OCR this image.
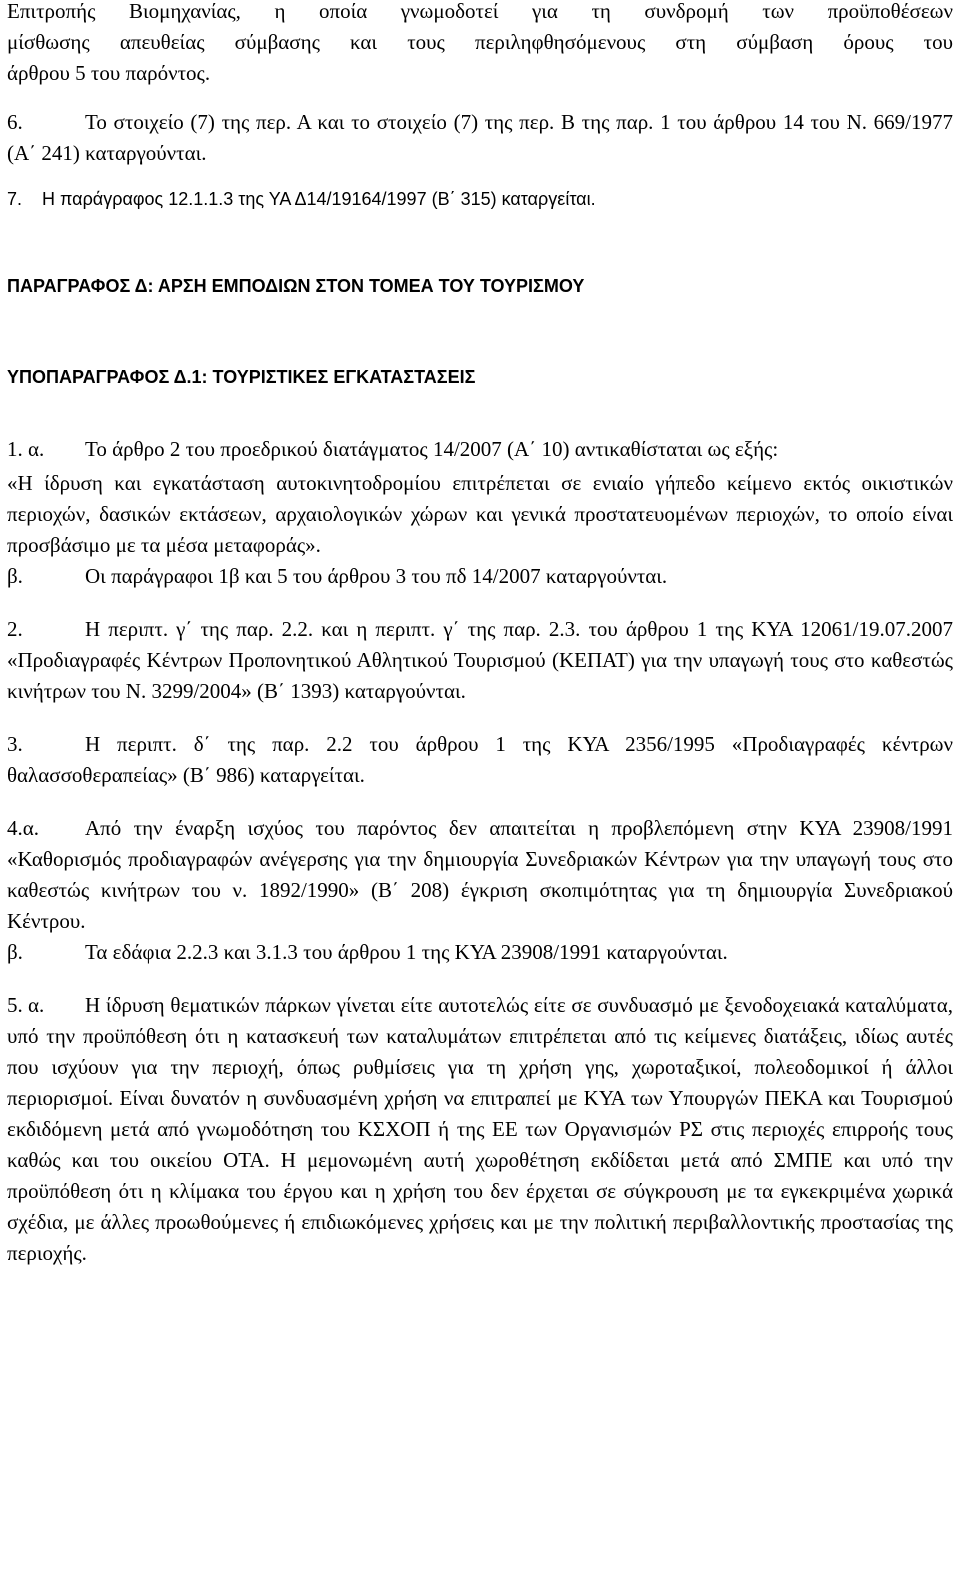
Επιτροπής Βιομηχανίας, η οποία γνωμοδοτεί για τη συνδρομή των προϋποθέσεων
μίσθωσης απευθείας σύμβασης και τους περιληφθησόμενους στη σύμβαση όρους του
άρθρου 5 του παρόντος.
6.	Το στοιχείο (7) της περ. Α και το στοιχείο (7) της περ. Β της παρ. 1 του άρθρου 14 του Ν. 669/1977 (Α΄ 241) καταργούνται.
7. Η παράγραφος 12.1.1.3 της ΥΑ Δ14/19164/1997 (Β΄ 315) καταργείται.
ΠΑΡΑΓΡΑΦΟΣ Δ: ΑΡΣΗ ΕΜΠΟΔΙΩΝ ΣΤΟΝ ΤΟΜΕΑ ΤΟΥ ΤΟΥΡΙΣΜΟΥ
ΥΠΟΠΑΡΑΓΡΑΦΟΣ Δ.1: ΤΟΥΡΙΣΤΙΚΕΣ ΕΓΚΑΤΑΣΤΑΣΕΙΣ
1. α. Το άρθρο 2 του προεδρικού διατάγματος 14/2007 (Α΄ 10) αντικαθίσταται ως εξής:
«Η ίδρυση και εγκατάσταση αυτοκινητοδρομίου επιτρέπεται σε ενιαίο γήπεδο κείμενο εκτός οικιστικών περιοχών, δασικών εκτάσεων, αρχαιολογικών χώρων και γενικά προστατευομένων περιοχών, το οποίο είναι προσβάσιμο με τα μέσα μεταφοράς».
β.	Οι παράγραφοι 1β και 5 του άρθρου 3 του πδ 14/2007 καταργούνται.
2.	Η περιπτ. γ΄ της παρ. 2.2. και η περιπτ. γ΄ της παρ. 2.3. του άρθρου 1 της ΚΥΑ 12061/19.07.2007 «Προδιαγραφές Κέντρων Προπονητικού Αθλητικού Τουρισμού (ΚΕΠΑΤ) για την υπαγωγή τους στο καθεστώς κινήτρων του Ν. 3299/2004» (Β΄ 1393) καταργούνται.
3.	Η περιπτ. δ΄ της παρ. 2.2 του άρθρου 1 της ΚΥΑ 2356/1995 «Προδιαγραφές κέντρων θαλασσοθεραπείας» (Β΄ 986) καταργείται.
4.α. Από την έναρξη ισχύος του παρόντος δεν απαιτείται η προβλεπόμενη στην ΚΥΑ 23908/1991 «Καθορισμός προδιαγραφών ανέγερσης για την δημιουργία Συνεδριακών Κέντρων για την υπαγωγή τους στο καθεστώς κινήτρων του ν. 1892/1990» (Β΄ 208) έγκριση σκοπιμότητας για τη δημιουργία Συνεδριακού Κέντρου.
β.	Τα εδάφια 2.2.3 και 3.1.3 του άρθρου 1 της ΚΥΑ 23908/1991 καταργούνται.
5. α. Η ίδρυση θεματικών πάρκων γίνεται είτε αυτοτελώς είτε σε συνδυασμό με ξενοδοχειακά καταλύματα, υπό την προϋπόθεση ότι η κατασκευή των καταλυμάτων επιτρέπεται από τις κείμενες διατάξεις, ιδίως αυτές που ισχύουν για την περιοχή, όπως ρυθμίσεις για τη χρήση γης, χωροταξικοί, πολεοδομικοί ή άλλοι περιορισμοί. Είναι δυνατόν η συνδυασμένη χρήση να επιτραπεί με ΚΥΑ των Υπουργών ΠΕΚΑ και Τουρισμού εκδιδόμενη μετά από γνωμοδότηση του ΚΣΧΟΠ ή της ΕΕ των Οργανισμών ΡΣ στις περιοχές επιρροής τους καθώς και του οικείου ΟΤΑ. Η μεμονωμένη αυτή χωροθέτηση εκδίδεται μετά από ΣΜΠΕ και υπό την προϋπόθεση ότι η κλίμακα του έργου και η χρήση του δεν έρχεται σε σύγκρουση με τα εγκεκριμένα χωρικά σχέδια, με άλλες προωθούμενες ή επιδιωκόμενες χρήσεις και με την πολιτική περιβαλλοντικής προστασίας της περιοχής.
